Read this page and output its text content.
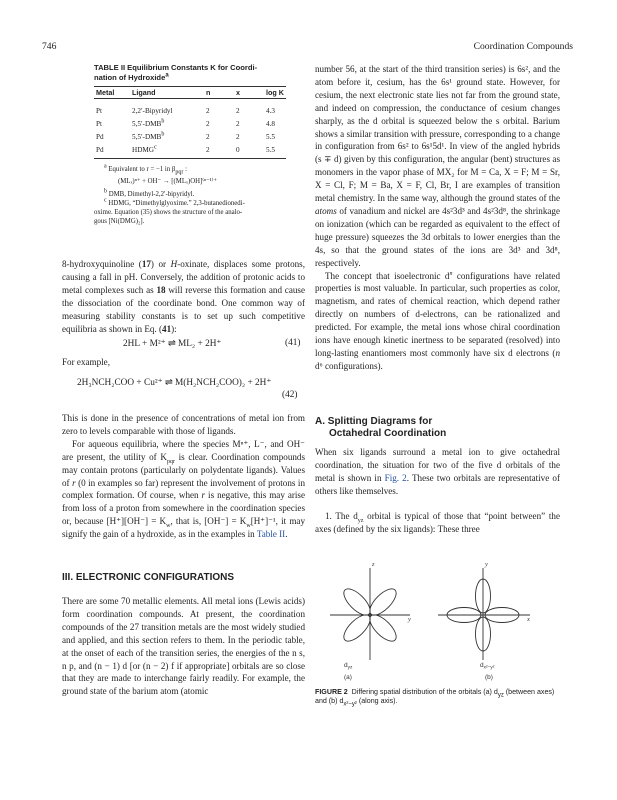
746	Coordination Compounds
TABLE II Equilibrium Constants K for Coordi-
nation of Hydroxide$^a$
Metal	Ligand	n	x	log K

Pt	2,2′-Bipyridyl	2	2	4.3
Pt	5,5′-DMB$^b$	2	2	4.8
Pd	5,5′-DMB$^b$	2	2	5.5
Pd	HDMG$^c$	2	0	5.5
$^a$ Equivalent to r = −1 in $\beta_{pqr}$ :
(MLₓ)ⁿ⁺ + OH⁻ → [(MLₓ)OH]⁽ⁿ⁻¹⁾⁺
$^b$ DMB, Dimethyl-2,2′-bipyridyl.
$^c$ HDMG, “Dimethylglyoxime.” 2,3-butanedionedi-
oxime. Equation (35) shows the structure of the analo-
gous [Ni(DMG)₂].

8-hydroxyquinoline (17) or H-oxinate, displaces some protons, causing a fall in pH. Conversely, the addition of protonic acids to metal complexes such as 18 will reverse this formation and cause the dissociation of the coordinate bond. One common way of measuring stability constants is to set up such competitive equilibria as shown in Eq. (41):

2HL + M²⁺ ⇌ ML₂ + 2H⁺	(41)
For example,
2H₃NCH₂COO + Cu²⁺ ⇌ M(H₂NCH₂COO)₂ + 2H⁺
(42)

This is done in the presence of concentrations of metal ion from zero to levels comparable with those of ligands.

For aqueous equilibria, where the species Mⁿ⁺, L⁻, and OH⁻ are present, the utility of $K_{pqr}$ is clear. Coordination compounds may contain protons (particularly on polydentate ligands). Values of r (0 in examples so far) represent the involvement of protons in complex formation. Of course, when r is negative, this may arise from loss of a proton from somewhere in the coordination species or, because $[H^+][OH^-] = K_w$, that is, $[OH^-] = K_w[H^+]^{-1}$, it may signify the gain of a hydroxide, as in the examples in Table II.

III. ELECTRONIC CONFIGURATIONS

There are some 70 metallic elements. All metal ions (Lewis acids) form coordination compounds. At present, the coordination compounds of the 27 transition metals are the most widely studied and applied, and this section refers to them. In the periodic table, at the onset of each of the transition series, the energies of the n s, n p, and (n − 1) d [or (n − 2) f if appropriate] orbitals are so close that they are made to interchange fairly readily. For example, the ground state of the barium atom (atomic

number 56, at the start of the third transition series) is 6s², and the atom before it, cesium, has the 6s¹ ground state. However, for cesium, the next electronic state lies not far from the ground state, and indeed on compression, the conductance of cesium changes sharply, as the d orbital is squeezed below the s orbital. Barium shows a similar transition with pressure, corresponding to a change in configuration from 6s² to 6s¹5d¹. In view of the angled hybrids (s ∓ d) given by this configuration, the angular (bent) structures as monomers in the vapor phase of MX₂ for M = Ca, X = F; M = Sr, X = Cl, F; M = Ba, X = F, Cl, Br, I are examples of transition metal chemistry. In the same way, although the ground states of the atoms of vanadium and nickel are 4s²3d³ and 4s²3d⁸, the shrinkage on ionization (which can be regarded as equivalent to the effect of huge pressure) squeezes the 3d orbitals to lower energies than the 4s, so that the ground states of the ions are 3d³ and 3d⁸, respectively.

The concept that isoelectronic $d^n$ configurations have related properties is most valuable. In particular, such properties as color, magnetism, and rates of chemical reaction, which depend rather directly on numbers of d-electrons, can be rationalized and predicted. For example, the metal ions whose chiral coordination ions have enough kinetic inertness to be separated (resolved) into long-lasting enantiomers most commonly have six d electrons (n d⁶ configurations).

A. Splitting Diagrams for
Octahedral Coordination

When six ligands surround a metal ion to give octahedral coordination, the situation for two of the five d orbitals of the metal is shown in Fig. 2. These two orbitals are representative of others like themselves.

1. The $d_{yz}$ orbital is typical of those that “point between” the axes (defined by the six ligands): These three

z
y
y
x
$d_{yz}$
(a)
$d_{x^2-y^2}$
(b)
FIGURE 2 Differing spatial distribution of the orbitals (a) $d_{yz}$ (between axes) and (b) $d_{x^2-y^2}$ (along axis).
